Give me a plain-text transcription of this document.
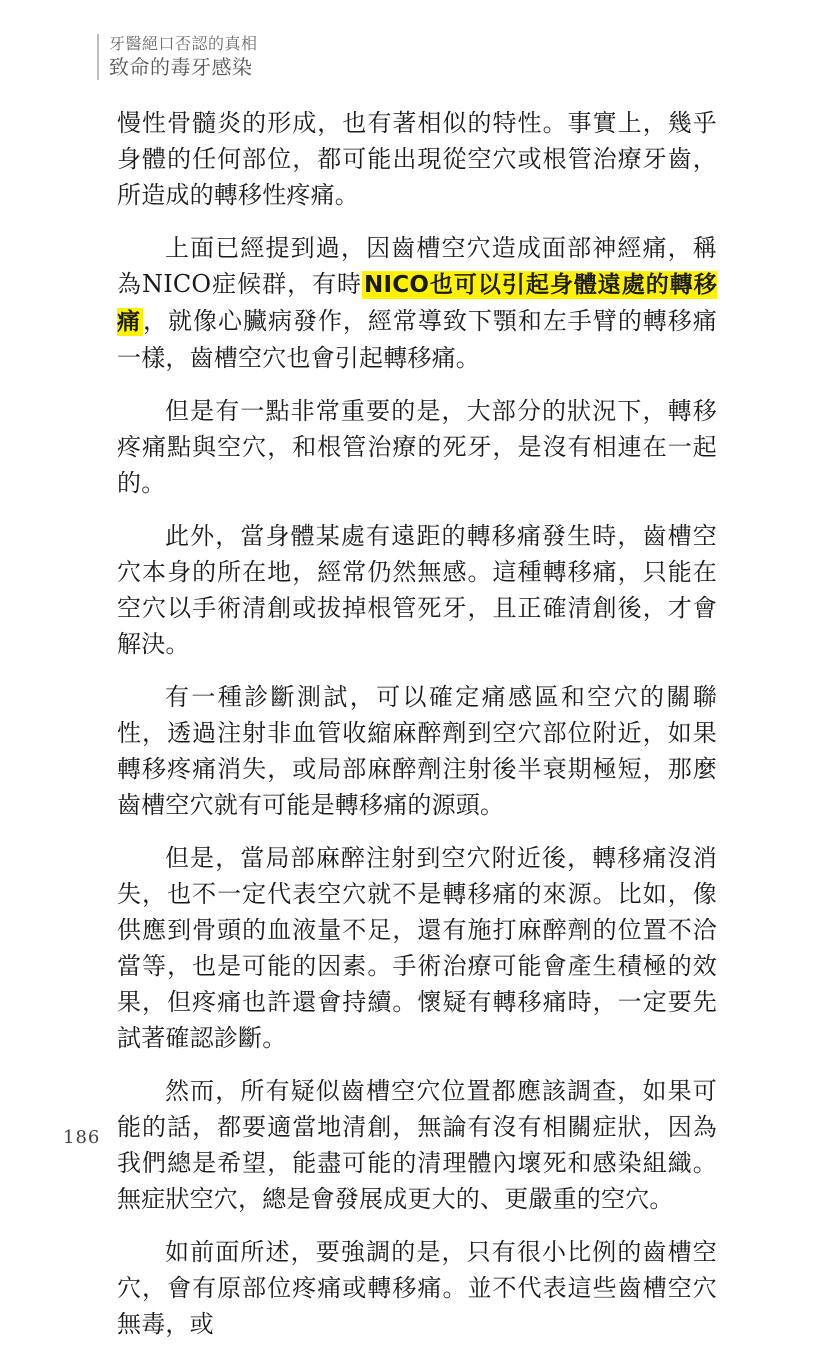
牙醫絕口否認的真相
致命的毒牙感染

慢性骨髓炎的形成，也有著相似的特性。事實上，幾乎身體的任何部位，都可能出現從空穴或根管治療牙齒，所造成的轉移性疼痛。

上面已經提到過，因齒槽空穴造成面部神經痛，稱為NICO症候群，有時NICO也可以引起身體遠處的轉移痛，就像心臟病發作，經常導致下顎和左手臂的轉移痛一樣，齒槽空穴也會引起轉移痛。

但是有一點非常重要的是，大部分的狀況下，轉移疼痛點與空穴，和根管治療的死牙，是沒有相連在一起的。

此外，當身體某處有遠距的轉移痛發生時，齒槽空穴本身的所在地，經常仍然無感。這種轉移痛，只能在空穴以手術清創或拔掉根管死牙，且正確清創後，才會解決。

有一種診斷測試，可以確定痛感區和空穴的關聯性，透過注射非血管收縮麻醉劑到空穴部位附近，如果轉移疼痛消失，或局部麻醉劑注射後半衰期極短，那麼齒槽空穴就有可能是轉移痛的源頭。

但是，當局部麻醉注射到空穴附近後，轉移痛沒消失，也不一定代表空穴就不是轉移痛的來源。比如，像供應到骨頭的血液量不足，還有施打麻醉劑的位置不洽當等，也是可能的因素。手術治療可能會產生積極的效果，但疼痛也許還會持續。懷疑有轉移痛時，一定要先試著確認診斷。

然而，所有疑似齒槽空穴位置都應該調查，如果可能的話，都要適當地清創，無論有沒有相關症狀，因為我們總是希望，能盡可能的清理體內壞死和感染組織。無症狀空穴，總是會發展成更大的、更嚴重的空穴。

如前面所述，要強調的是，只有很小比例的齒槽空穴，會有原部位疼痛或轉移痛。並不代表這些齒槽空穴無毒，或

186
